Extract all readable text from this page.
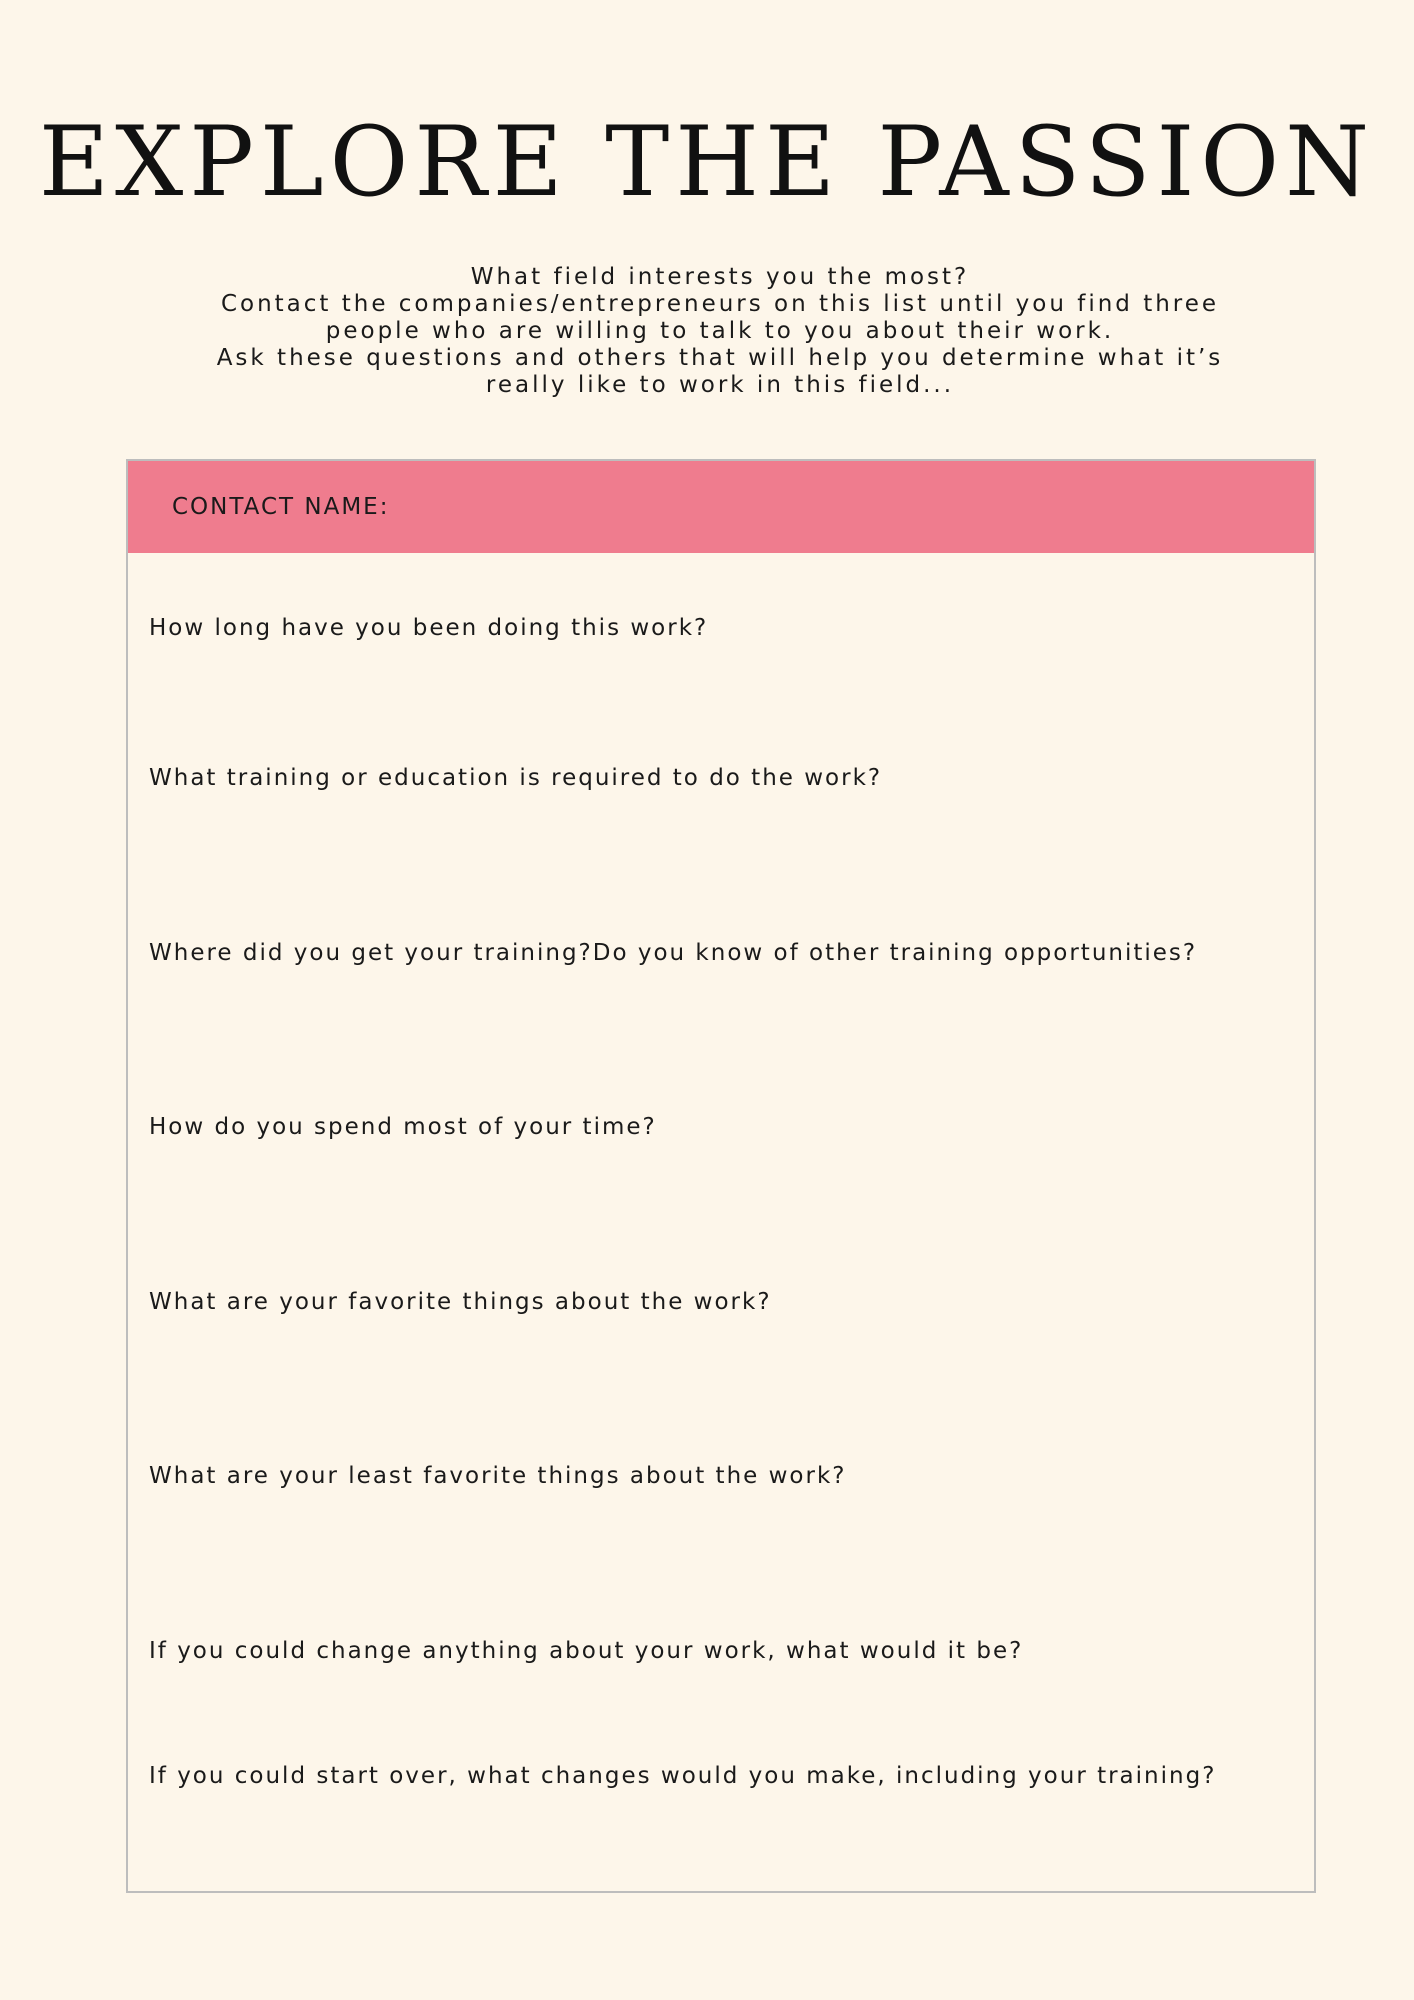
EXPLORE THE PASSION

What field interests you the most?

Contact the companies/entrepreneurs on this list until you find three people who are willing to talk to you about their work.

Ask these questions and others that will help you determine what it’s really like to work in this field...

CONTACT NAME:
How long have you been doing this work?
What training or education is required to do the work?
Where did you get your training?Do you know of other training opportunities?
How do you spend most of your time?
What are your favorite things about the work?
What are your least favorite things about the work?
If you could change anything about your work, what would it be?
If you could start over, what changes would you make, including your training?
